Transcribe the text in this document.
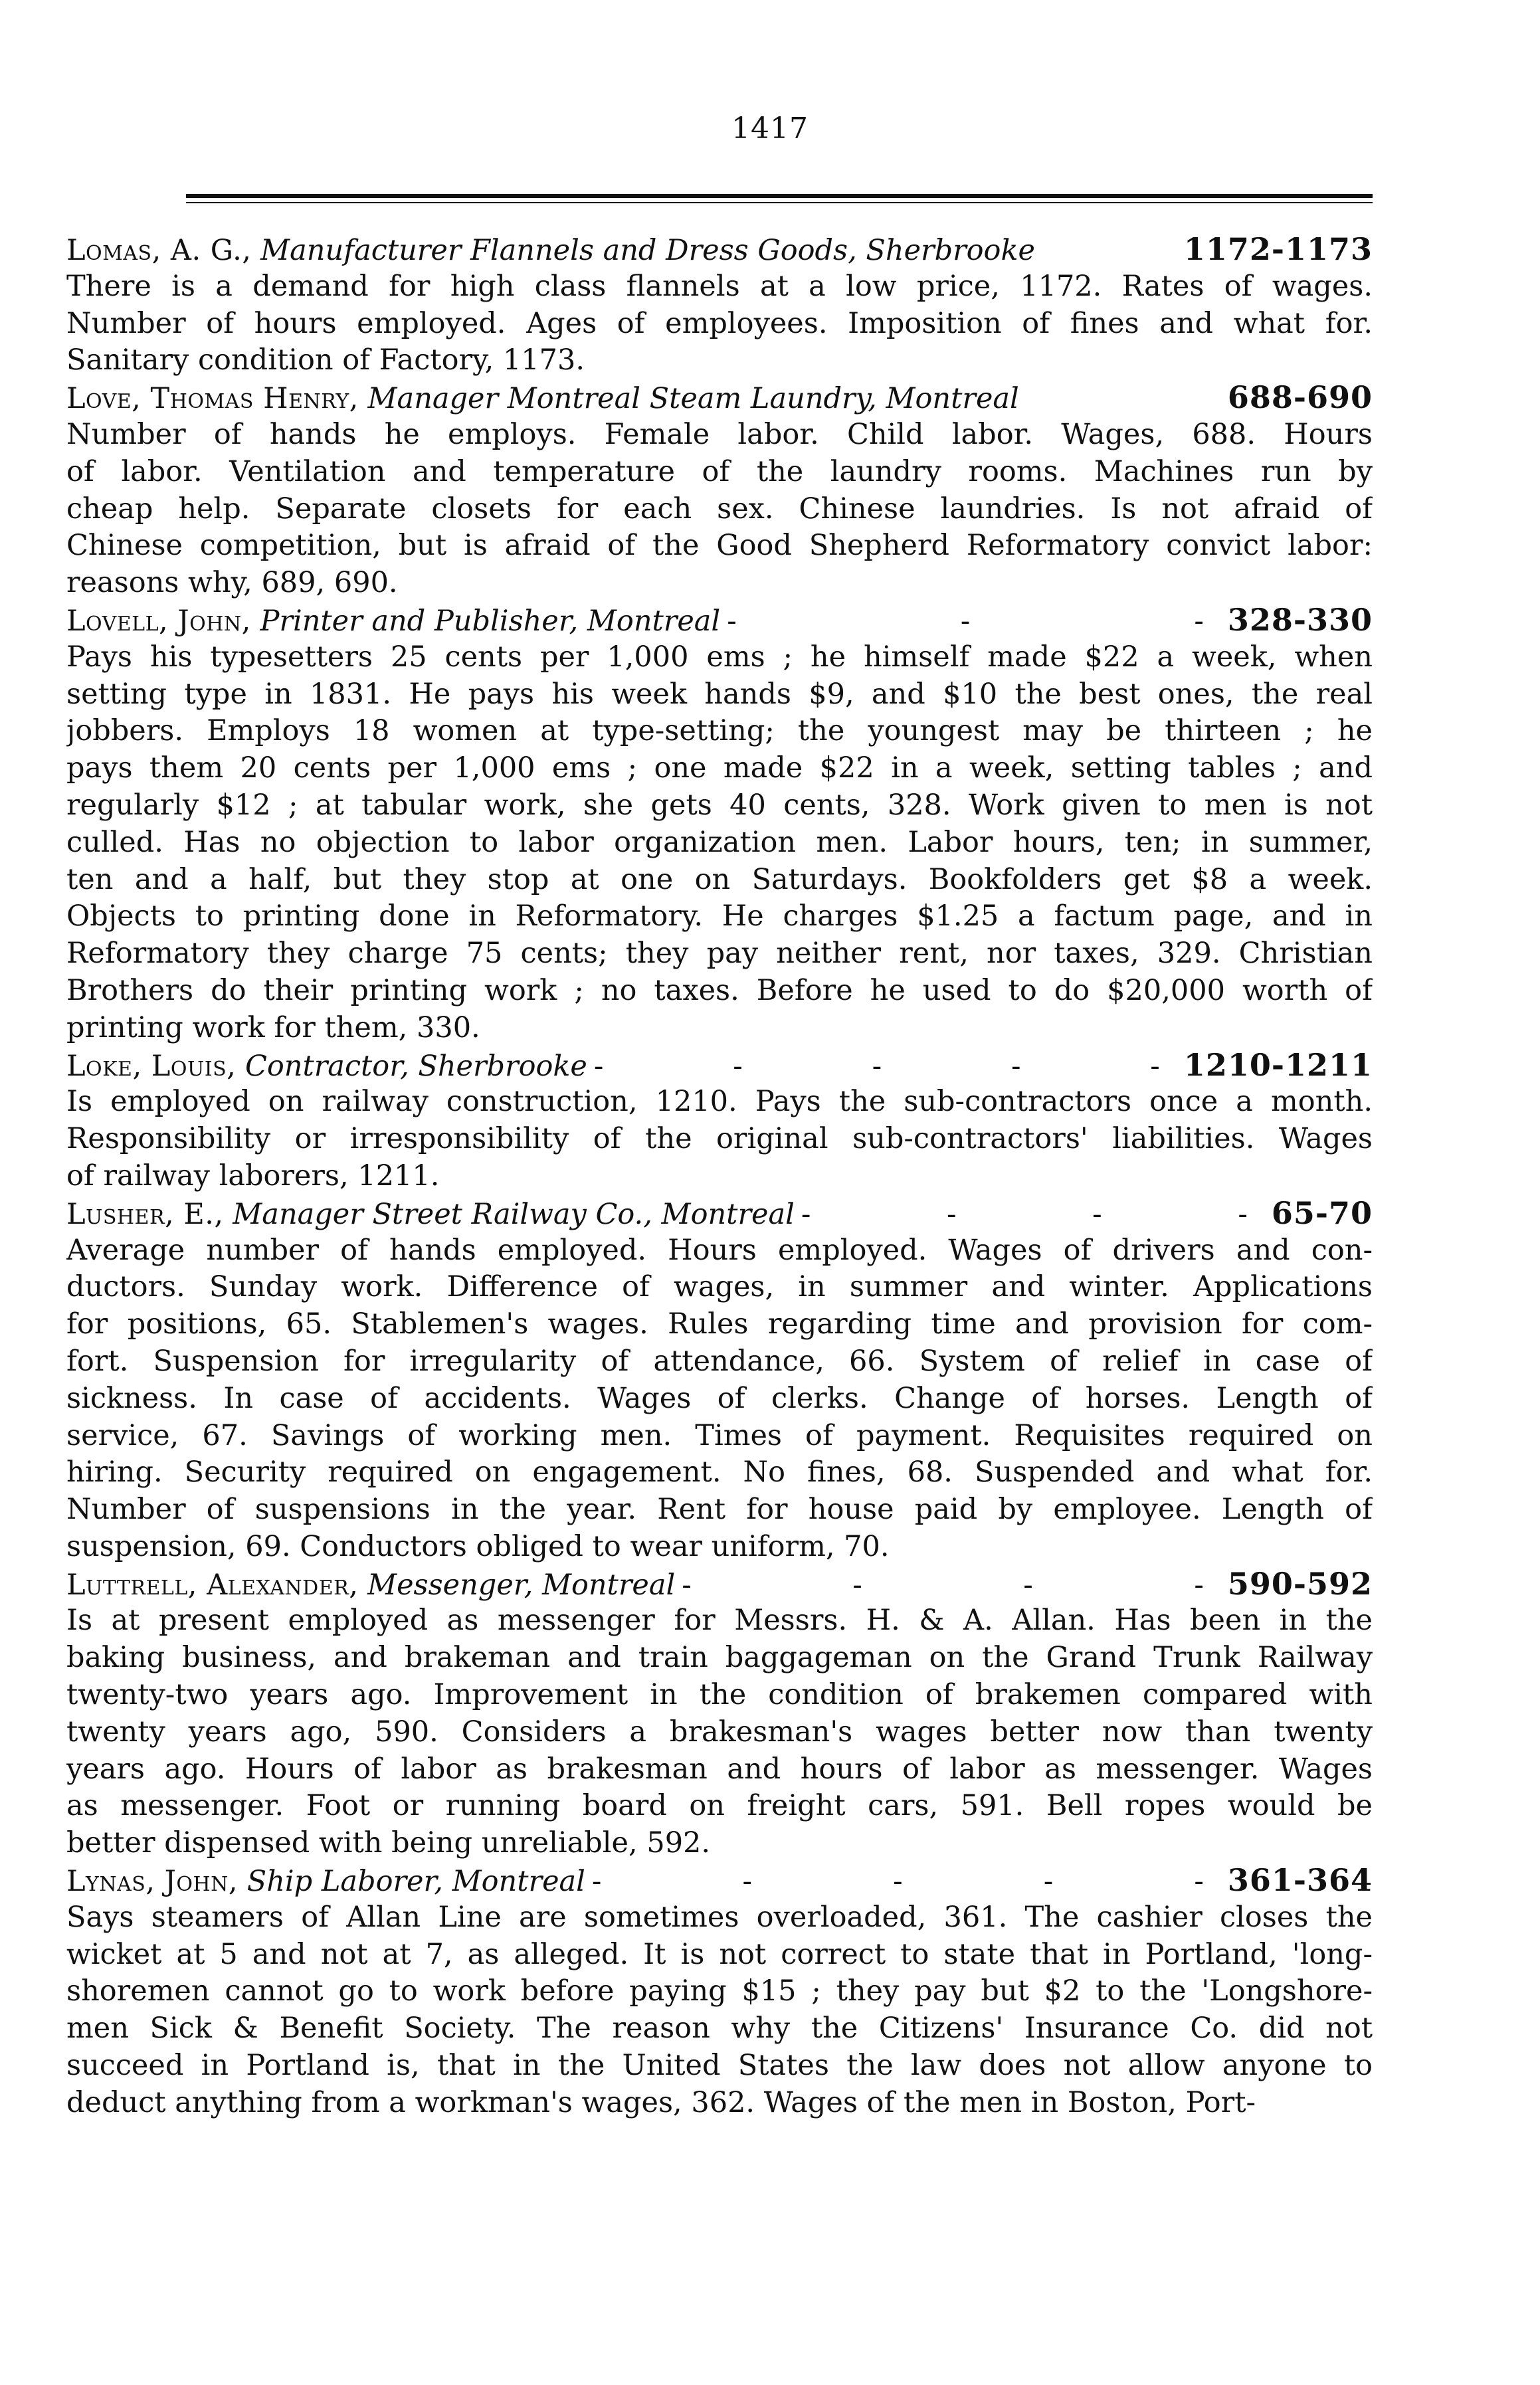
1417
Lomas, A. G.,
Manufacturer Flannels and Dress Goods, Sherbrooke	1172-1173
There is a demand for high class flannels at a low price, 1172. Rates of wages.
Number of hours employed. Ages of employees. Imposition of fines and what for.
Sanitary condition of Factory, 1173.
Love, Thomas Henry,
Manager Montreal Steam Laundry, Montreal	688-690
Number of hands he employs. Female labor. Child labor. Wages, 688. Hours
of labor. Ventilation and temperature of the laundry rooms. Machines run by
cheap help. Separate closets for each sex. Chinese laundries. Is not afraid of
Chinese competition, but is afraid of the Good Shepherd Reformatory convict labor:
reasons why, 689, 690.
Lovell, John,
Printer and Publisher, Montreal - - - 328-330
Pays his typesetters 25 cents per 1,000 ems ; he himself made $22 a week, when
setting type in 1831. He pays his week hands $9, and $10 the best ones, the real
jobbers. Employs 18 women at type-setting; the youngest may be thirteen ; he
pays them 20 cents per 1,000 ems ; one made $22 in a week, setting tables ; and
regularly $12 ; at tabular work, she gets 40 cents, 328. Work given to men is not
culled. Has no objection to labor organization men. Labor hours, ten; in summer,
ten and a half, but they stop at one on Saturdays. Bookfolders get $8 a week.
Objects to printing done in Reformatory. He charges $1.25 a factum page, and in
Reformatory they charge 75 cents; they pay neither rent, nor taxes, 329. Christian
Brothers do their printing work ; no taxes. Before he used to do $20,000 worth of
printing work for them, 330.
Loke, Louis,
Contractor, Sherbrooke - - - - - 1210-1211
Is employed on railway construction, 1210. Pays the sub-contractors once a month.
Responsibility or irresponsibility of the original sub-contractors' liabilities. Wages
of railway laborers, 1211.
Lusher, E.,
Manager Street Railway Co., Montreal - - - - 65-70
Average number of hands employed. Hours employed. Wages of drivers and con-
ductors. Sunday work. Difference of wages, in summer and winter. Applications
for positions, 65. Stablemen's wages. Rules regarding time and provision for com-
fort. Suspension for irregularity of attendance, 66. System of relief in case of
sickness. In case of accidents. Wages of clerks. Change of horses. Length of
service, 67. Savings of working men. Times of payment. Requisites required on
hiring. Security required on engagement. No fines, 68. Suspended and what for.
Number of suspensions in the year. Rent for house paid by employee. Length of
suspension, 69. Conductors obliged to wear uniform, 70.
Luttrell, Alexander,
Messenger, Montreal - - - - 590-592
Is at present employed as messenger for Messrs. H. & A. Allan. Has been in the
baking business, and brakeman and train baggageman on the Grand Trunk Railway
twenty-two years ago. Improvement in the condition of brakemen compared with
twenty years ago, 590. Considers a brakesman's wages better now than twenty
years ago. Hours of labor as brakesman and hours of labor as messenger. Wages
as messenger. Foot or running board on freight cars, 591. Bell ropes would be
better dispensed with being unreliable, 592.
Lynas, John,
Ship Laborer, Montreal - - - - - 361-364
Says steamers of Allan Line are sometimes overloaded, 361. The cashier closes the
wicket at 5 and not at 7, as alleged. It is not correct to state that in Portland, 'long-
shoremen cannot go to work before paying $15 ; they pay but $2 to the 'Longshore-
men Sick & Benefit Society. The reason why the Citizens' Insurance Co. did not
succeed in Portland is, that in the United States the law does not allow anyone to
deduct anything from a workman's wages, 362. Wages of the men in Boston, Port-
